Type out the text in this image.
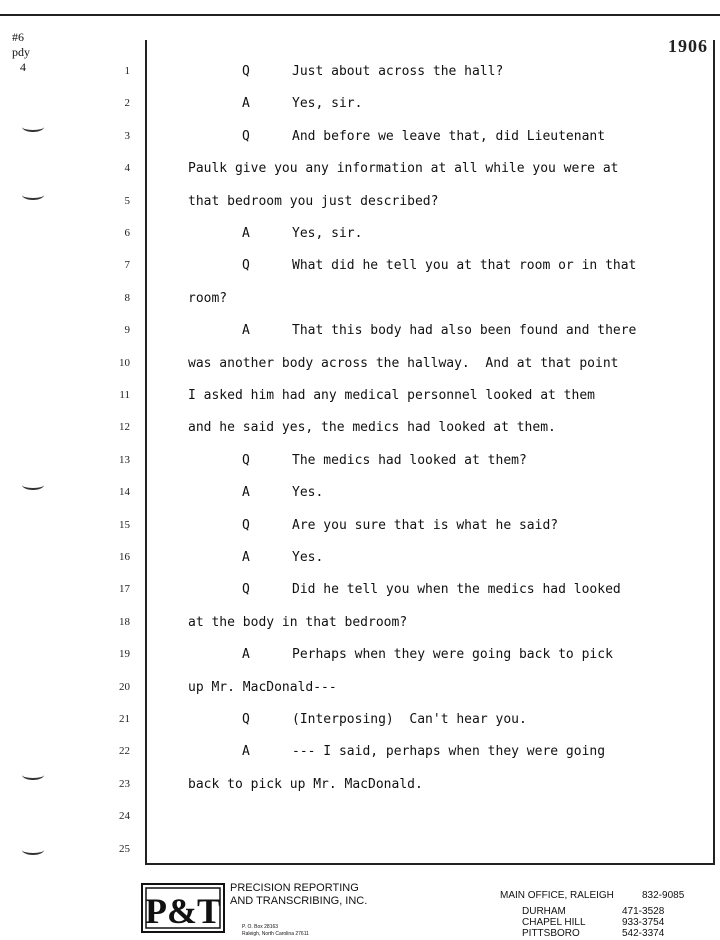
#6
pdy
4
1906
1	Q	Just about across the hall?
2	A	Yes, sir.
3	Q	And before we leave that, did Lieutenant
4	Paulk give you any information at all while you were at
5	that bedroom you just described?
6	A	Yes, sir.
7	Q	What did he tell you at that room or in that
8	room?
9	A	That this body had also been found and there
10	was another body across the hallway.  And at that point
11	I asked him had any medical personnel looked at them
12	and he said yes, the medics had looked at them.
13	Q	The medics had looked at them?
14	A	Yes.
15	Q	Are you sure that is what he said?
16	A	Yes.
17	Q	Did he tell you when the medics had looked
18	at the body in that bedroom?
19	A	Perhaps when they were going back to pick
20	up Mr. MacDonald---
21	Q	(Interposing)  Can't hear you.
22	A	--- I said, perhaps when they were going
23	back to pick up Mr. MacDonald.
24
25
P&T
PRECISION REPORTING
AND TRANSCRIBING, INC.
P. O. Box 28163
Raleigh, North Carolina 27611
MAIN OFFICE, RALEIGH	832-9085
DURHAM	471-3528
CHAPEL HILL	933-3754
PITTSBORO	542-3374
